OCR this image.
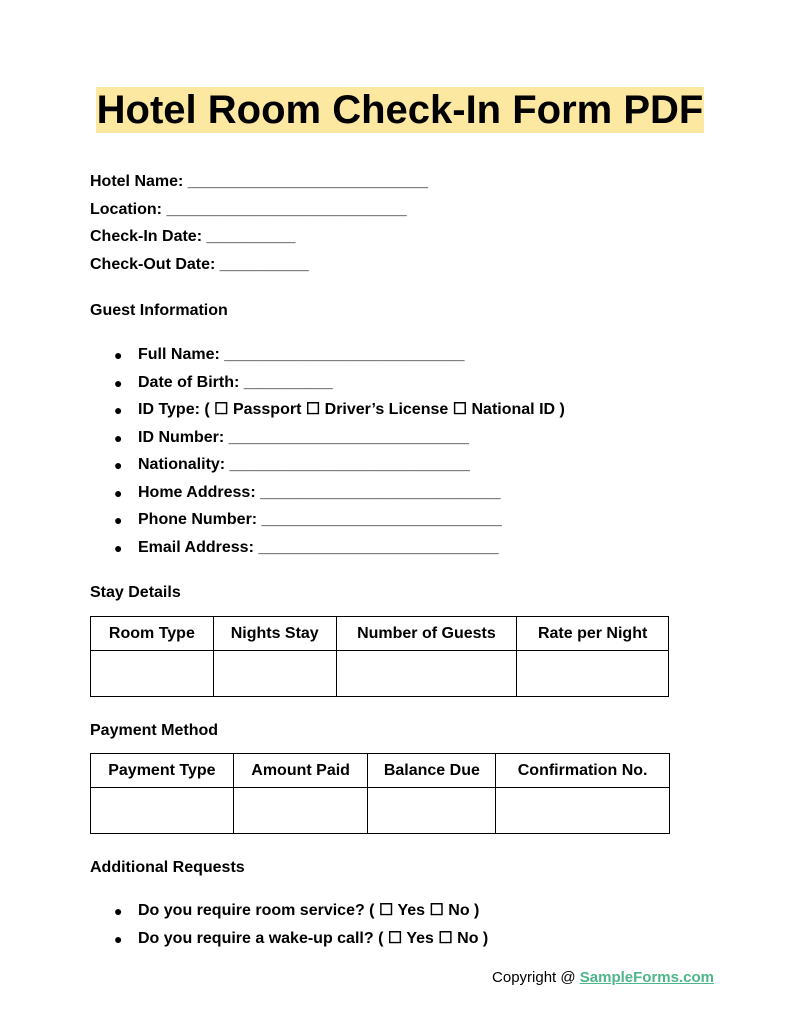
Hotel Room Check-In Form PDF
Hotel Name: ___________________________
Location: ___________________________
Check-In Date: __________
Check-Out Date: __________
Guest Information
● Full Name: ___________________________
● Date of Birth: __________
● ID Type: ( ☐ Passport ☐ Driver’s License ☐ National ID )
● ID Number: ___________________________
● Nationality: ___________________________
● Home Address: ___________________________
● Phone Number: ___________________________
● Email Address: ___________________________
Stay Details
Room Type	Nights Stay	Number of Guests	Rate per Night

Payment Method
Payment Type	Amount Paid	Balance Due	Confirmation No.

Additional Requests
● Do you require room service? ( ☐ Yes ☐ No )
● Do you require a wake-up call? ( ☐ Yes ☐ No )
Copyright @ SampleForms.com
